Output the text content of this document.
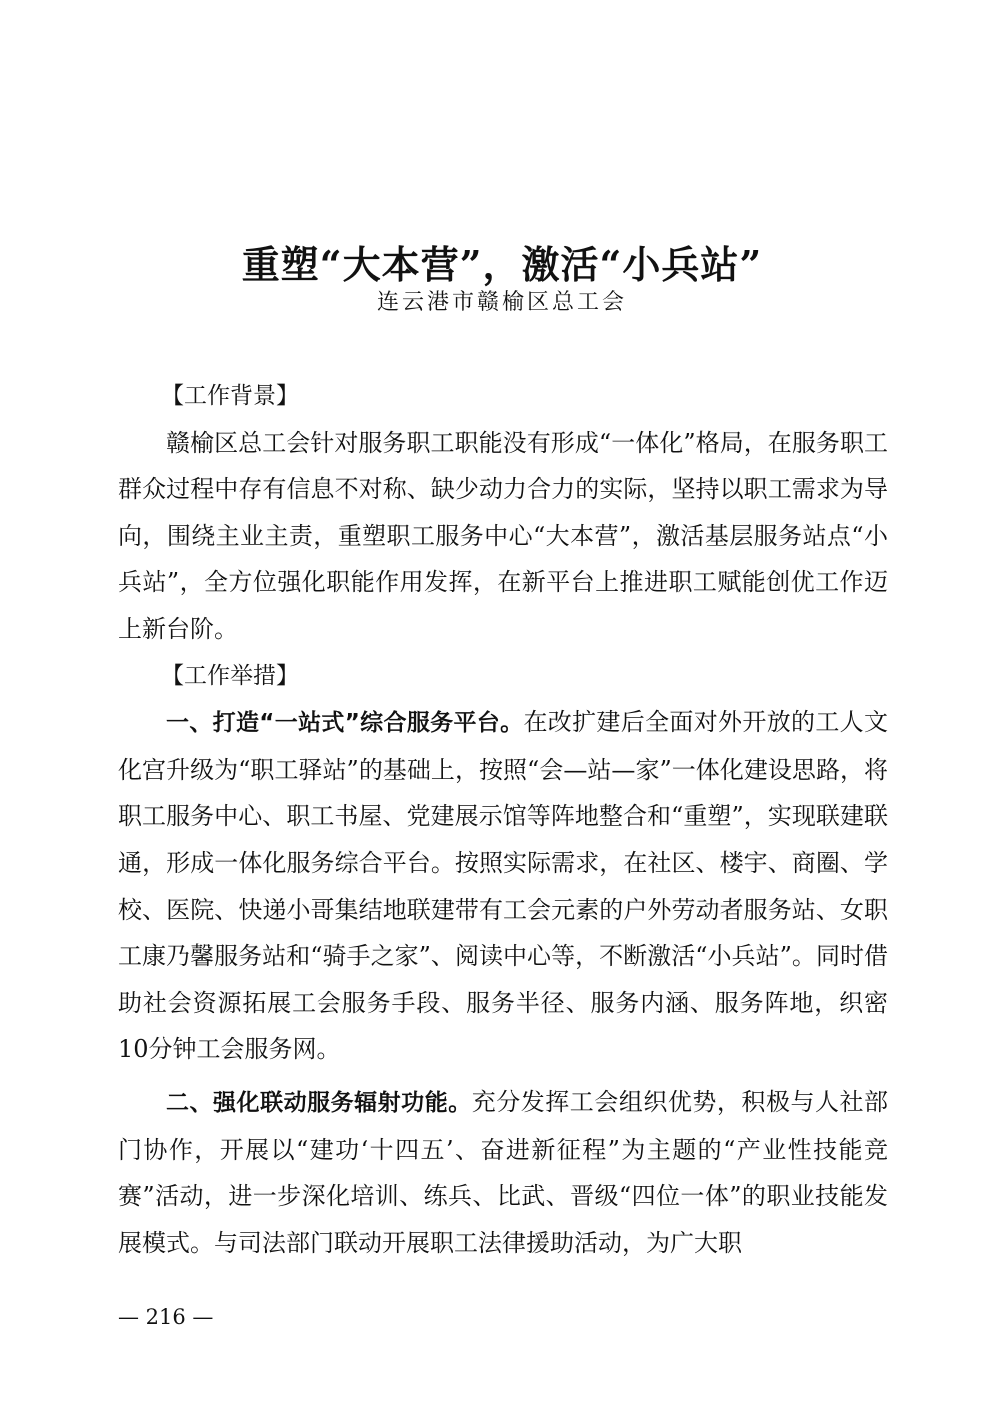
重塑“大本营”，激活“小兵站”
连云港市赣榆区总工会

【工作背景】

赣榆区总工会针对服务职工职能没有形成“一体化”格局，在服务职工群众过程中存有信息不对称、缺少动力合力的实际，坚持以职工需求为导向，围绕主业主责，重塑职工服务中心“大本营”，激活基层服务站点“小兵站”，全方位强化职能作用发挥，在新平台上推进职工赋能创优工作迈上新台阶。

【工作举措】

一、打造“一站式”综合服务平台。在改扩建后全面对外开放的工人文化宫升级为“职工驿站”的基础上，按照“会—站—家”一体化建设思路，将职工服务中心、职工书屋、党建展示馆等阵地整合和“重塑”，实现联建联通，形成一体化服务综合平台。按照实际需求，在社区、楼宇、商圈、学校、医院、快递小哥集结地联建带有工会元素的户外劳动者服务站、女职工康乃馨服务站和“骑手之家”、阅读中心等，不断激活“小兵站”。同时借助社会资源拓展工会服务手段、服务半径、服务内涵、服务阵地，织密10分钟工会服务网。

二、强化联动服务辐射功能。充分发挥工会组织优势，积极与人社部门协作，开展以“建功‘十四五’、奋进新征程”为主题的“产业性技能竞赛”活动，进一步深化培训、练兵、比武、晋级“四位一体”的职业技能发展模式。与司法部门联动开展职工法律援助活动，为广大职

— 216 —
